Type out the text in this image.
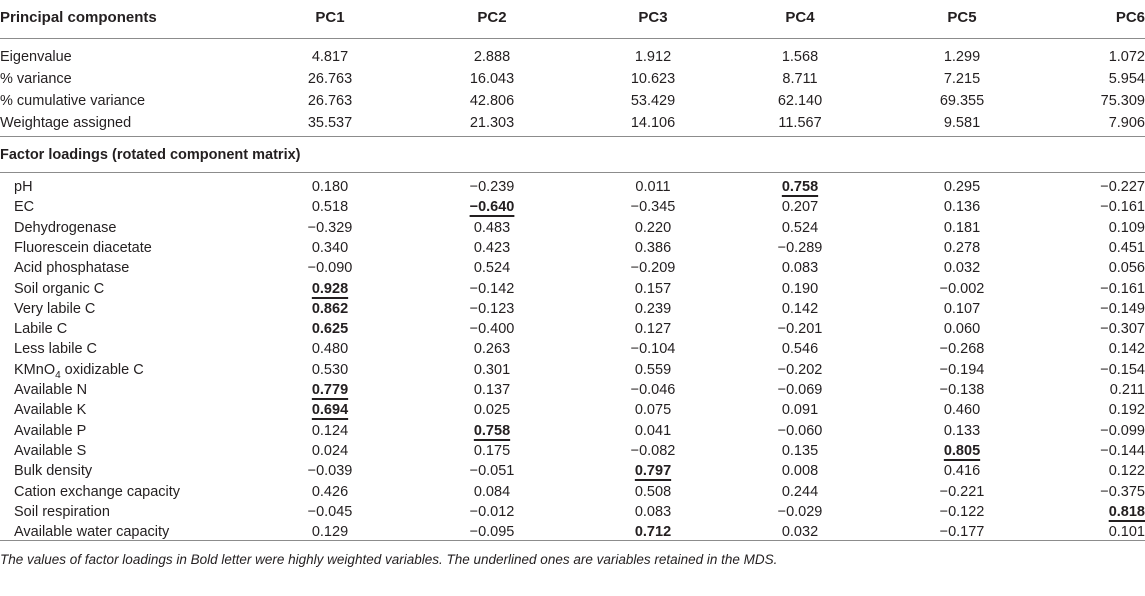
Principal components	PC1	PC2	PC3	PC4	PC5	PC6
Eigenvalue	4.817	2.888	1.912	1.568	1.299	1.072
% variance	26.763	16.043	10.623	8.711	7.215	5.954
% cumulative variance	26.763	42.806	53.429	62.140	69.355	75.309
Weightage assigned	35.537	21.303	14.106	11.567	9.581	7.906
Factor loadings (rotated component matrix)
pH	0.180	−0.239	0.011	0.758	0.295	−0.227
EC	0.518	−0.640	−0.345	0.207	0.136	−0.161
Dehydrogenase	−0.329	0.483	0.220	0.524	0.181	0.109
Fluorescein diacetate	0.340	0.423	0.386	−0.289	0.278	0.451
Acid phosphatase	−0.090	0.524	−0.209	0.083	0.032	0.056
Soil organic C	0.928	−0.142	0.157	0.190	−0.002	−0.161
Very labile C	0.862	−0.123	0.239	0.142	0.107	−0.149
Labile C	0.625	−0.400	0.127	−0.201	0.060	−0.307
Less labile C	0.480	0.263	−0.104	0.546	−0.268	0.142
KMnO$_4$ oxidizable C	0.530	0.301	0.559	−0.202	−0.194	−0.154
Available N	0.779	0.137	−0.046	−0.069	−0.138	0.211
Available K	0.694	0.025	0.075	0.091	0.460	0.192
Available P	0.124	0.758	0.041	−0.060	0.133	−0.099
Available S	0.024	0.175	−0.082	0.135	0.805	−0.144
Bulk density	−0.039	−0.051	0.797	0.008	0.416	0.122
Cation exchange capacity	0.426	0.084	0.508	0.244	−0.221	−0.375
Soil respiration	−0.045	−0.012	0.083	−0.029	−0.122	0.818
Available water capacity	0.129	−0.095	0.712	0.032	−0.177	0.101
The values of factor loadings in Bold letter were highly weighted variables. The underlined ones are variables retained in the MDS.
